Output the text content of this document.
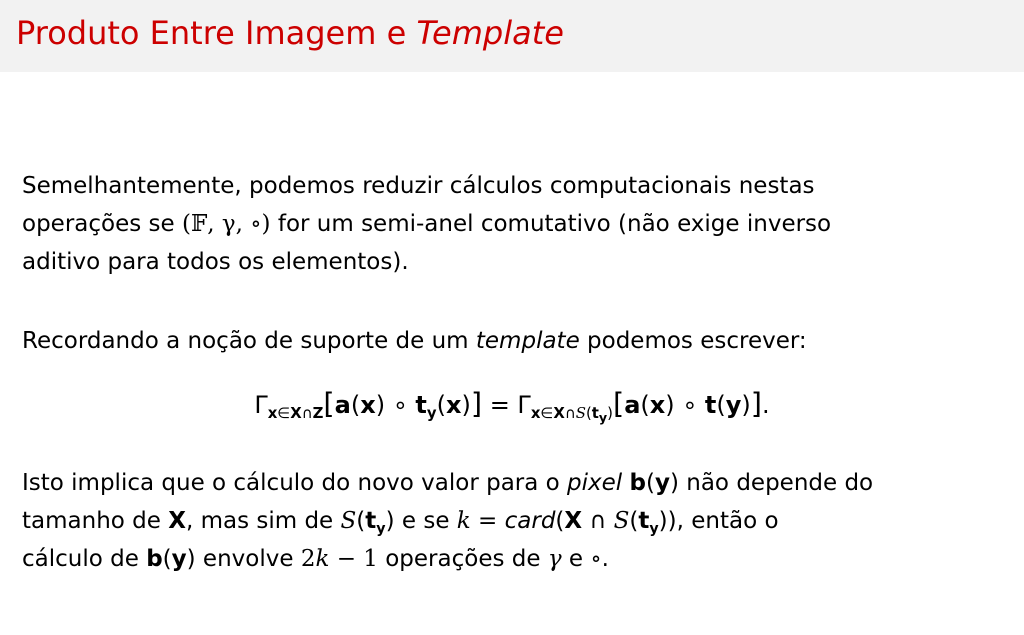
Produto Entre Imagem e Template
Semelhantemente, podemos reduzir cálculos computacionais nestas
operações se (𝔽, γ, ∘) for um semi-anel comutativo (não exige inverso
aditivo para todos os elementos).
Recordando a noção de suporte de um template podemos escrever:
$\Gamma_{x\in X\cap Z}[a(x)$ ∘ $t_y(x)] = \Gamma_{x\in X\cap S(t_y)}[a(x)$ ∘ t(y)].
Isto implica que o cálculo do novo valor para o pixel b(y) não depende do
tamanho de X, mas sim de $S(t_y)$ e se k = card(X ∩ $S(t_y)$), então o
cálculo de b(y) envolve 2k − 1 operações de γ e ∘.
